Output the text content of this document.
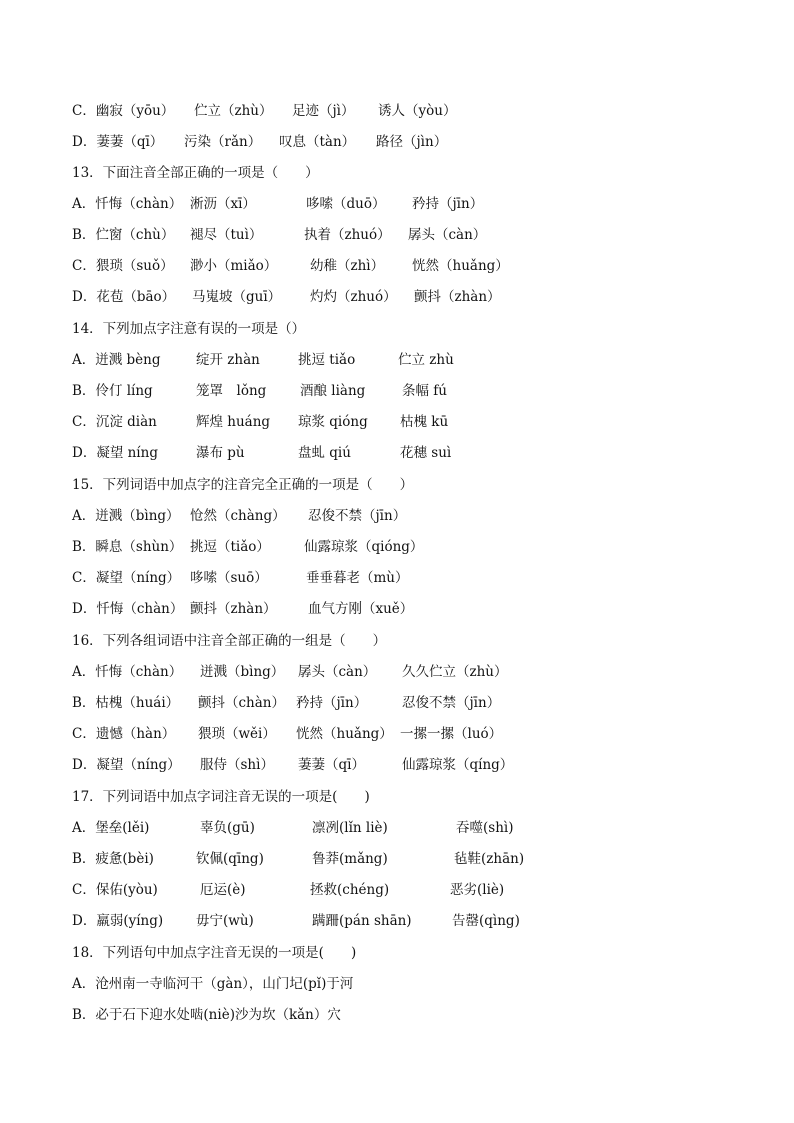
C．幽寂（yōu） 伫立（zhù） 足迹（jì） 诱人（yòu）
D．萋萋（qī） 污染（rǎn） 叹息（tàn） 路径（jìn）
13．下面注音全部正确的一项是（　　）
A．忏悔（chàn） 淅沥（xī）	哆嗦（duō） 矜持（jīn）
B．伫窗（chù） 褪尽（tuì）	执着（zhuó） 孱头（càn）
C．猥琐（suǒ） 渺小（miǎo） 幼稚（zhì） 恍然（huǎng）
D．花苞（bāo） 马嵬坡（guī） 灼灼（zhuó） 颤抖（zhàn）
14．下列加点字注意有误的一项是（）
A．迸溅 bèng	绽开 zhàn	挑逗 tiǎo	伫立 zhù
B．伶仃 líng	笼罩　lǒng 酒酿 liàng	条幅 fú
C．沉淀 diàn	辉煌 huáng 琼浆 qióng 枯槐 kū
D．凝望 níng	瀑布 pù	盘虬 qiú	花穗 suì
15．下列词语中加点字的注音完全正确的一项是（　　）
A．迸溅（bìng） 怆然（chàng） 忍俊不禁（jīn）
B．瞬息（shùn） 挑逗（tiǎo）	仙露琼浆（qióng）
C．凝望（níng） 哆嗦（suō）	垂垂暮老（mù）
D．忏悔（chàn） 颤抖（zhàn） 血气方刚（xuě）
16．下列各组词语中注音全部正确的一组是（　　）
A．忏悔（chàn） 迸溅（bìng） 孱头（càn） 久久伫立（zhù）
B．枯槐（huái） 颤抖（chàn） 矜持（jīn）	忍俊不禁（jīn）
C．遗憾（hàn） 猥琐（wěi） 恍然（huǎng） 一摞一摞（luó）
D．凝望（níng） 服侍（shì） 萋萋（qī）	仙露琼浆（qíng）
17．下列词语中加点字词注音无误的一项是(　　)
A．堡垒(lěi)	辜负(gū)	凛冽(lǐn liè)	吞噬(shì)
B．疲惫(bèi)	钦佩(qīng)	鲁莽(mǎng)	毡鞋(zhān)
C．保佑(yòu)	厄运(è)	拯救(chéng)	恶劣(liè)
D．羸弱(yíng) 毋宁(wù)	蹒跚(pán shān)	告罄(qìng)
18．下列语句中加点字注音无误的一项是(　　)
A．沧州南一寺临河干（gàn），山门圮(pǐ)于河
B．必于石下迎水处啮(niè)沙为坎（kǎn）穴
